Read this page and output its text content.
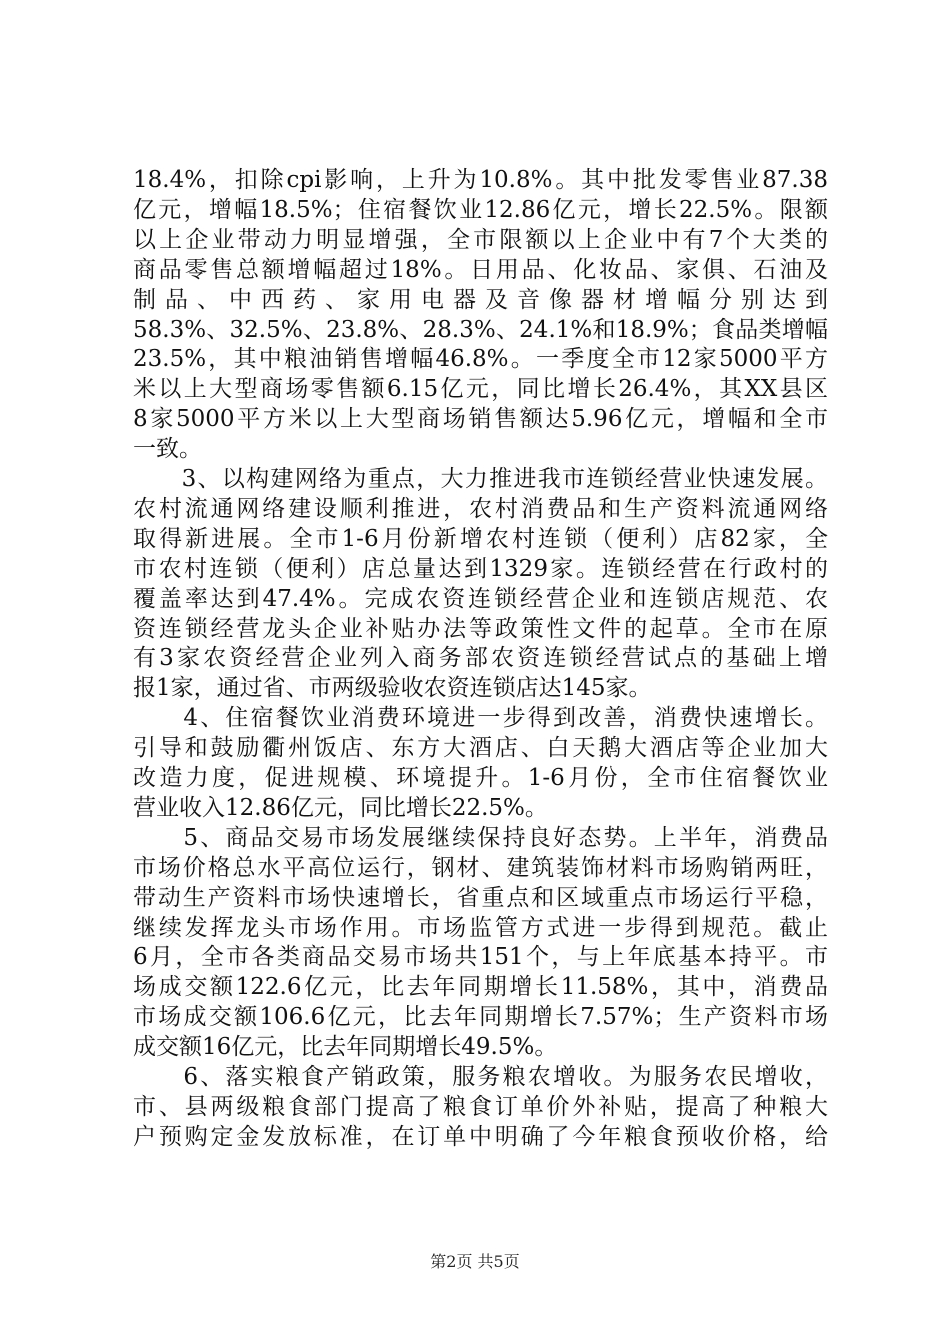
18.4%，扣除cpi影响，上升为10.8%。其中批发零售业87.38
亿元，增幅18.5%；住宿餐饮业12.86亿元，增长22.5%。限额
以上企业带动力明显增强，全市限额以上企业中有7个大类的
商品零售总额增幅超过18%。日用品、化妆品、家俱、石油及
制品、中西药、家用电器及音像器材增幅分别达到
58.3%、32.5%、23.8%、28.3%、24.1%和18.9%；食品类增幅
23.5%，其中粮油销售增幅46.8%。一季度全市12家5000平方
米以上大型商场零售额6.15亿元，同比增长26.4%，其XX县区
8家5000平方米以上大型商场销售额达5.96亿元，增幅和全市
一致。
　　3、以构建网络为重点，大力推进我市连锁经营业快速发展。
农村流通网络建设顺利推进，农村消费品和生产资料流通网络
取得新进展。全市1-6月份新增农村连锁（便利）店82家，全
市农村连锁（便利）店总量达到1329家。连锁经营在行政村的
覆盖率达到47.4%。完成农资连锁经营企业和连锁店规范、农
资连锁经营龙头企业补贴办法等政策性文件的起草。全市在原
有3家农资经营企业列入商务部农资连锁经营试点的基础上增
报1家，通过省、市两级验收农资连锁店达145家。
　　4、住宿餐饮业消费环境进一步得到改善，消费快速增长。
引导和鼓励衢州饭店、东方大酒店、白天鹅大酒店等企业加大
改造力度，促进规模、环境提升。1-6月份，全市住宿餐饮业
营业收入12.86亿元，同比增长22.5%。
　　5、商品交易市场发展继续保持良好态势。上半年，消费品
市场价格总水平高位运行，钢材、建筑装饰材料市场购销两旺，
带动生产资料市场快速增长，省重点和区域重点市场运行平稳，
继续发挥龙头市场作用。市场监管方式进一步得到规范。截止
6月，全市各类商品交易市场共151个，与上年底基本持平。市
场成交额122.6亿元，比去年同期增长11.58%，其中，消费品
市场成交额106.6亿元，比去年同期增长7.57%；生产资料市场
成交额16亿元，比去年同期增长49.5%。
　　6、落实粮食产销政策，服务粮农增收。为服务农民增收，
市、县两级粮食部门提高了粮食订单价外补贴，提高了种粮大
户预购定金发放标准，在订单中明确了今年粮食预收价格，给
第2页 共5页
